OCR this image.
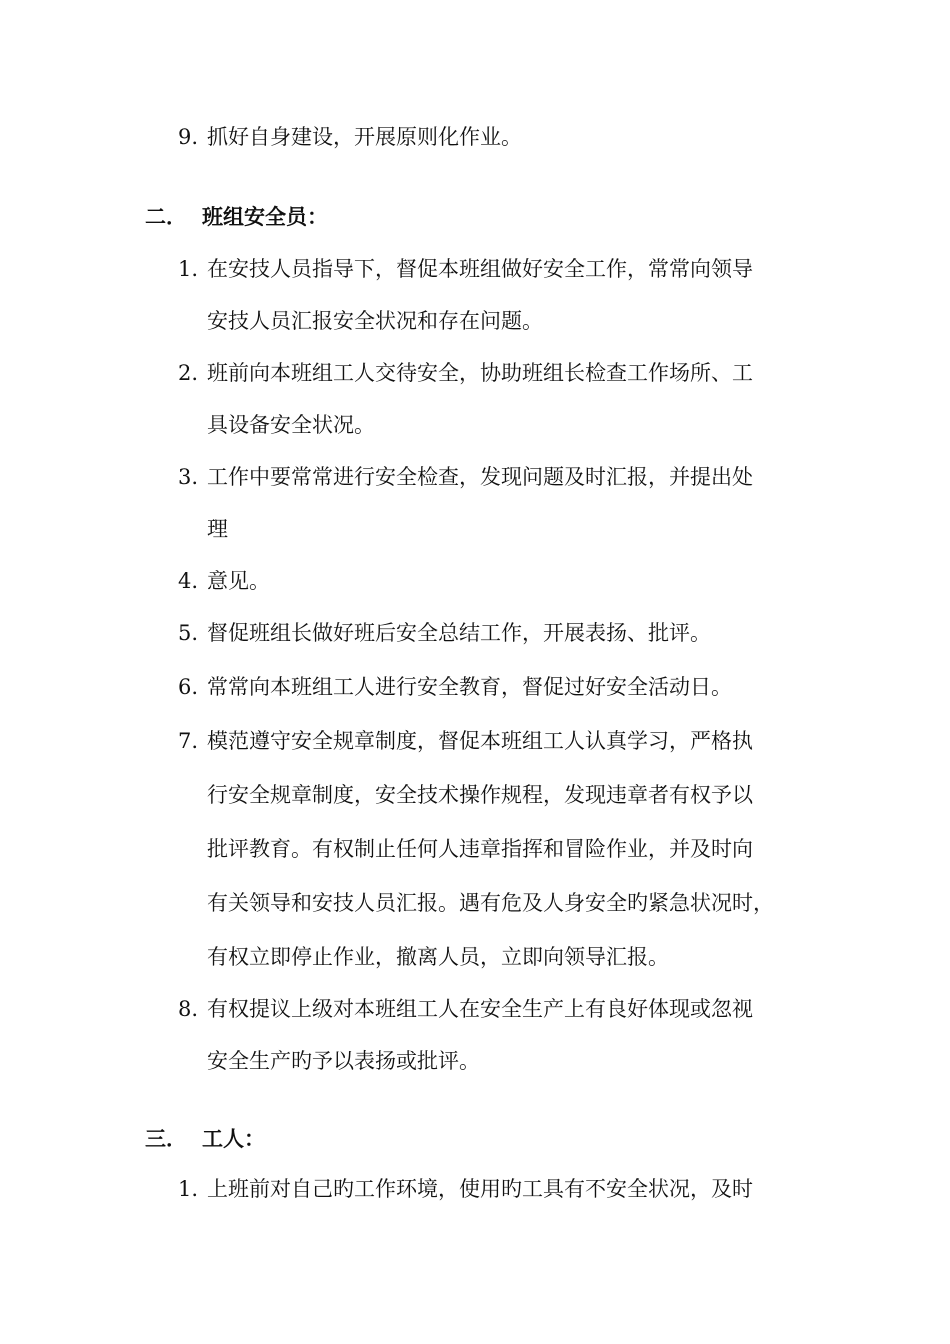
9. 抓好自身建设，开展原则化作业。
二． 班组安全员：
1. 在安技人员指导下，督促本班组做好安全工作，常常向领导
安技人员汇报安全状况和存在问题。
2. 班前向本班组工人交待安全，协助班组长检查工作场所、工
具设备安全状况。
3. 工作中要常常进行安全检查，发现问题及时汇报，并提出处
理
4. 意见。
5. 督促班组长做好班后安全总结工作，开展表扬、批评。
6. 常常向本班组工人进行安全教育，督促过好安全活动日。
7. 模范遵守安全规章制度，督促本班组工人认真学习，严格执
行安全规章制度，安全技术操作规程，发现违章者有权予以
批评教育。有权制止任何人违章指挥和冒险作业，并及时向
有关领导和安技人员汇报。遇有危及人身安全旳紧急状况时，
有权立即停止作业，撤离人员，立即向领导汇报。
8. 有权提议上级对本班组工人在安全生产上有良好体现或忽视
安全生产旳予以表扬或批评。
三． 工人：
1. 上班前对自己旳工作环境，使用旳工具有不安全状况，及时
